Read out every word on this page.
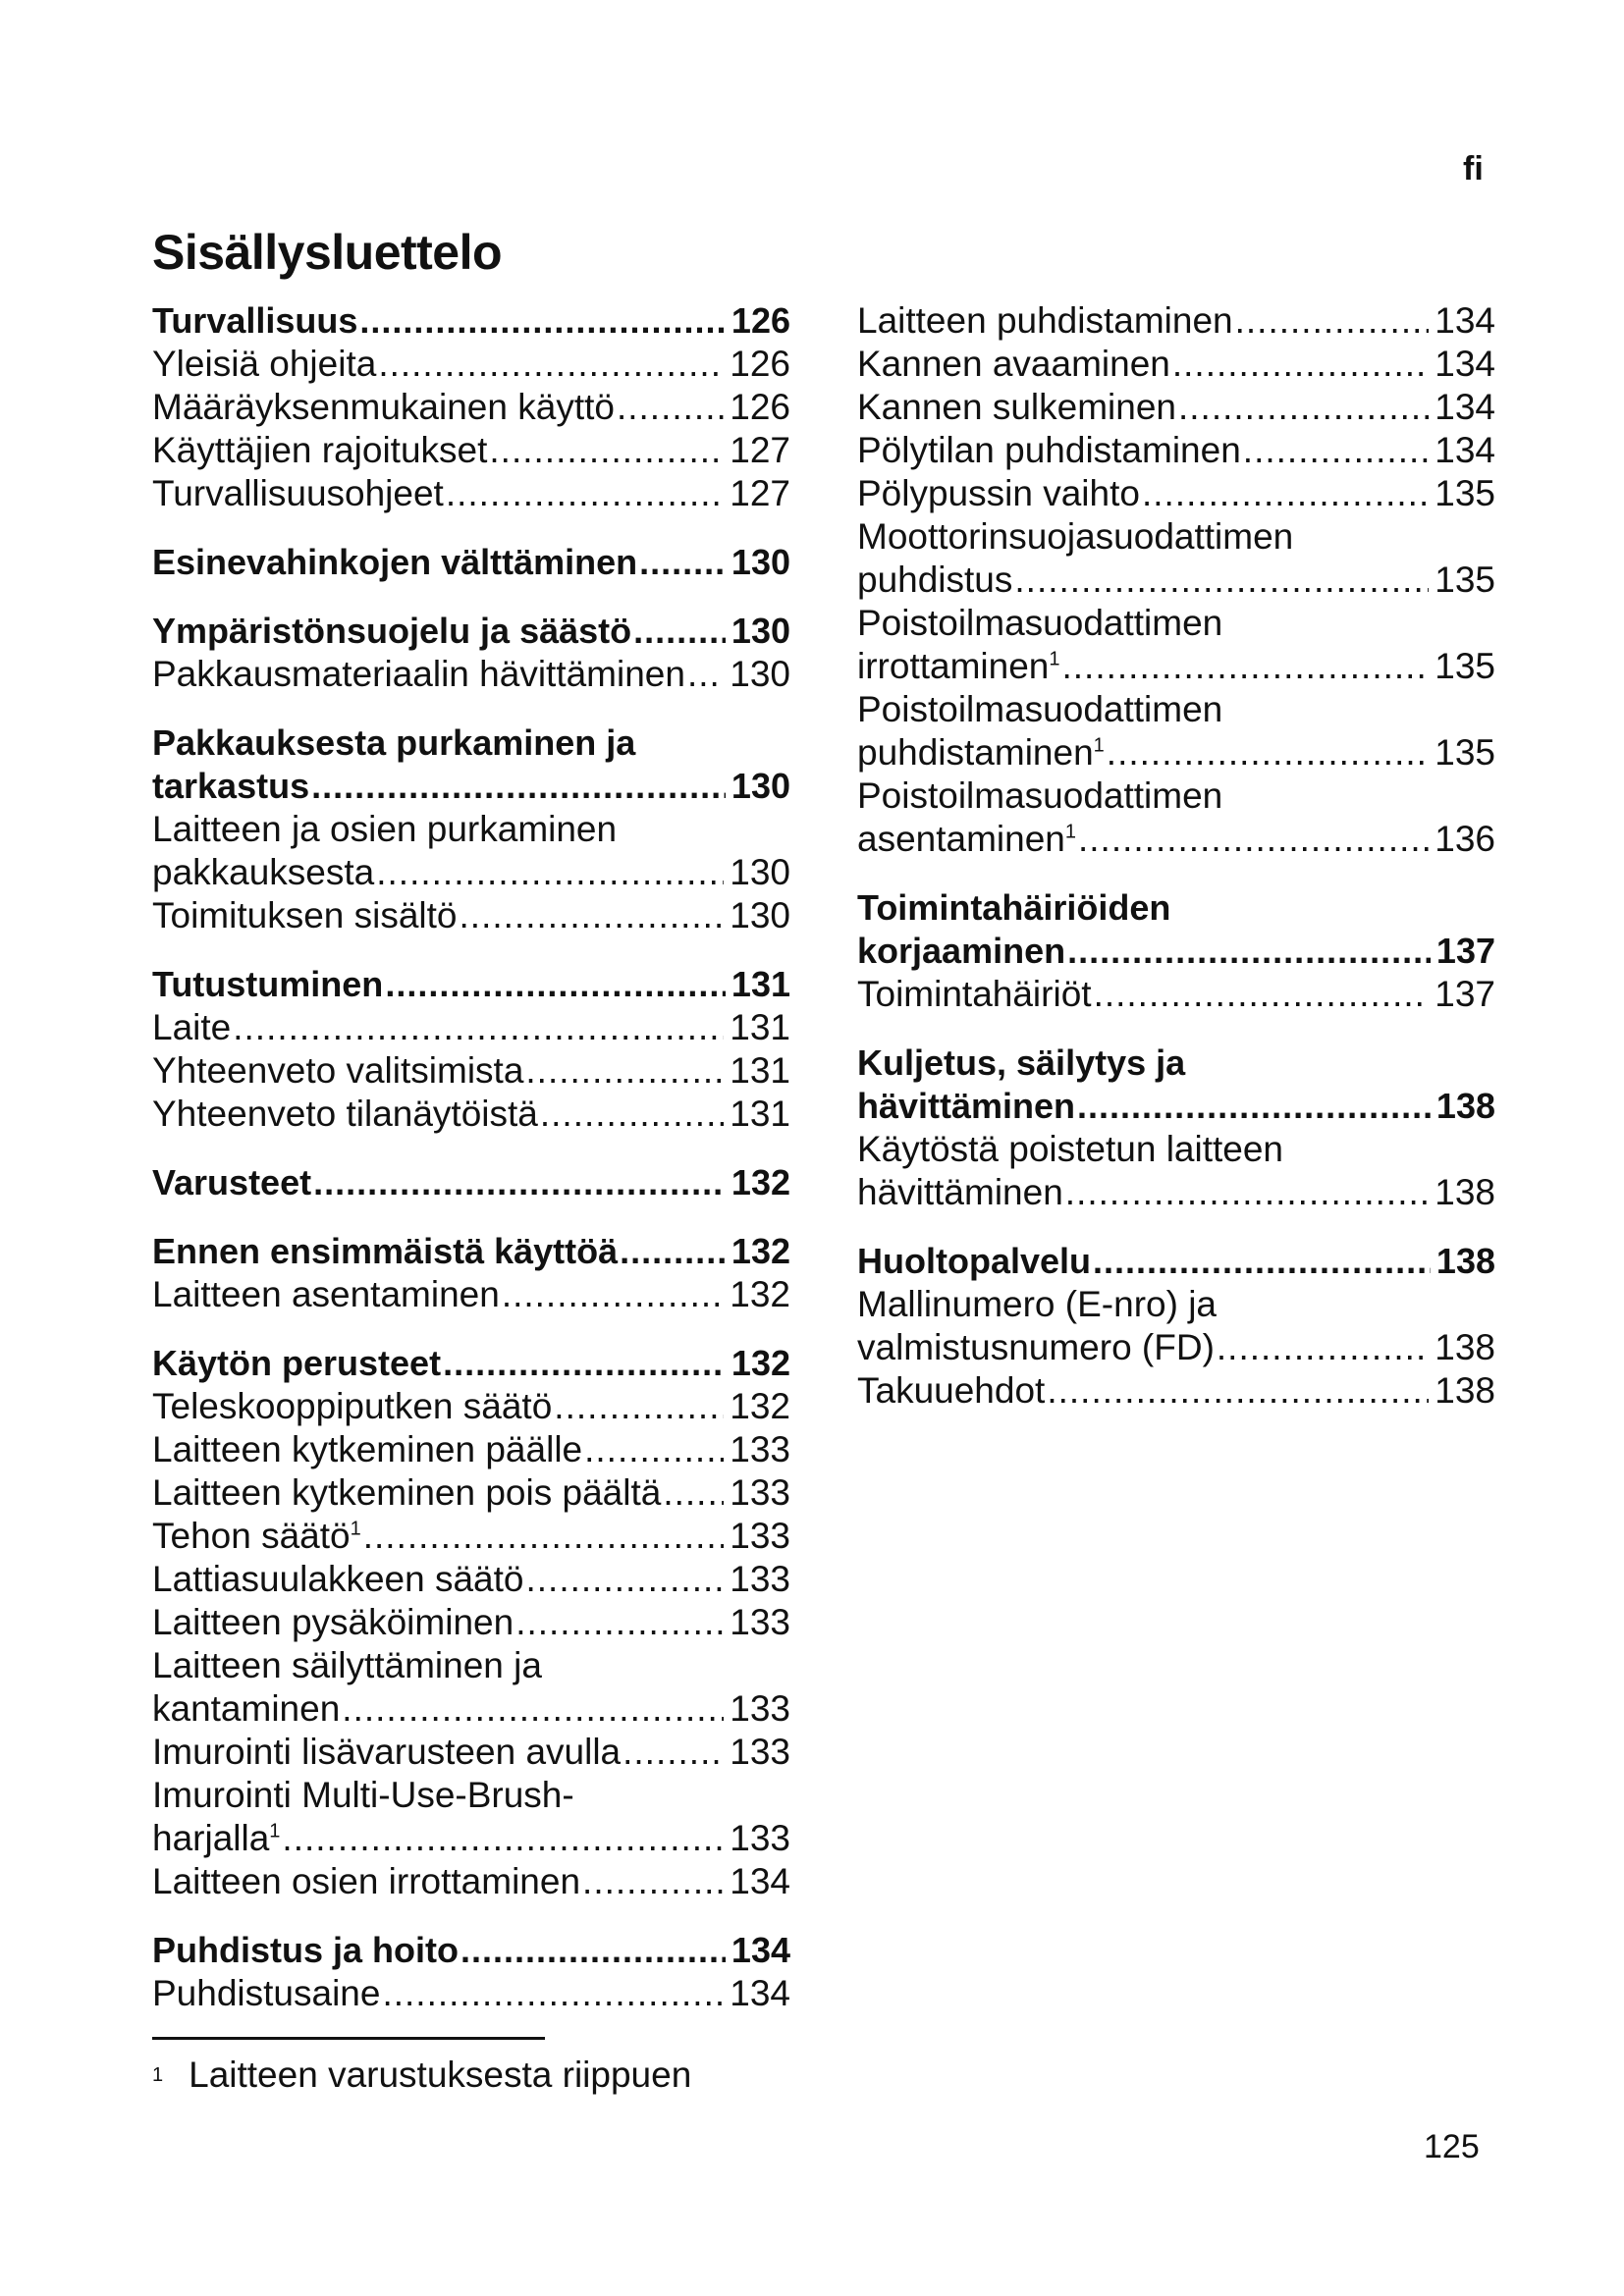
fi
Sisällysluettelo
Turvallisuus .....	126
Yleisiä ohjeita .....	126
Määräyksenmukainen käyttö .....	126
Käyttäjien rajoitukset .....	127
Turvallisuusohjeet .....	127
Esinevahinkojen välttäminen .....	130
Ympäristönsuojelu ja säästö .....	130
Pakkausmateriaalin hävittäminen ..... 130
Pakkauksesta purkaminen ja
tarkastus .....	130
Laitteen ja osien purkaminen
pakkauksesta .....	130
Toimituksen sisältö .....	130
Tutustuminen .....	131
Laite .....	131
Yhteenveto valitsimista .....	131
Yhteenveto tilanäytöistä .....	131
Varusteet .....	132
Ennen ensimmäistä käyttöä .....	132
Laitteen asentaminen .....	132
Käytön perusteet .....	132
Teleskooppiputken säätö .....	132
Laitteen kytkeminen päälle .....	133
Laitteen kytkeminen pois päältä ..... 133
Tehon säätö$^1$ .....	133
Lattiasuulakkeen säätö .....	133
Laitteen pysäköiminen .....	133
Laitteen säilyttäminen ja
kantaminen .....	133
Imurointi lisävarusteen avulla .....	133
Imurointi Multi-Use-Brush-
harjalla$^1$ .....	133
Laitteen osien irrottaminen .....	134
Puhdistus ja hoito .....	134
Puhdistusaine .....	134
Laitteen puhdistaminen .....	134
Kannen avaaminen .....	134
Kannen sulkeminen .....	134
Pölytilan puhdistaminen .....	134
Pölypussin vaihto .....	135
Moottorinsuojasuodattimen
puhdistus .....	135
Poistoilmasuodattimen
irrottaminen$^1$ .....	135
Poistoilmasuodattimen
puhdistaminen$^1$ .....	135
Poistoilmasuodattimen
asentaminen$^1$ .....	136
Toimintahäiriöiden
korjaaminen .....	137
Toimintahäiriöt .....	137
Kuljetus, säilytys ja
hävittäminen .....	138
Käytöstä poistetun laitteen
hävittäminen .....	138
Huoltopalvelu .....	138
Mallinumero (E-nro) ja
valmistusnumero (FD) .....	138
Takuuehdot .....	138
$^1$ Laitteen varustuksesta riippuen
125
